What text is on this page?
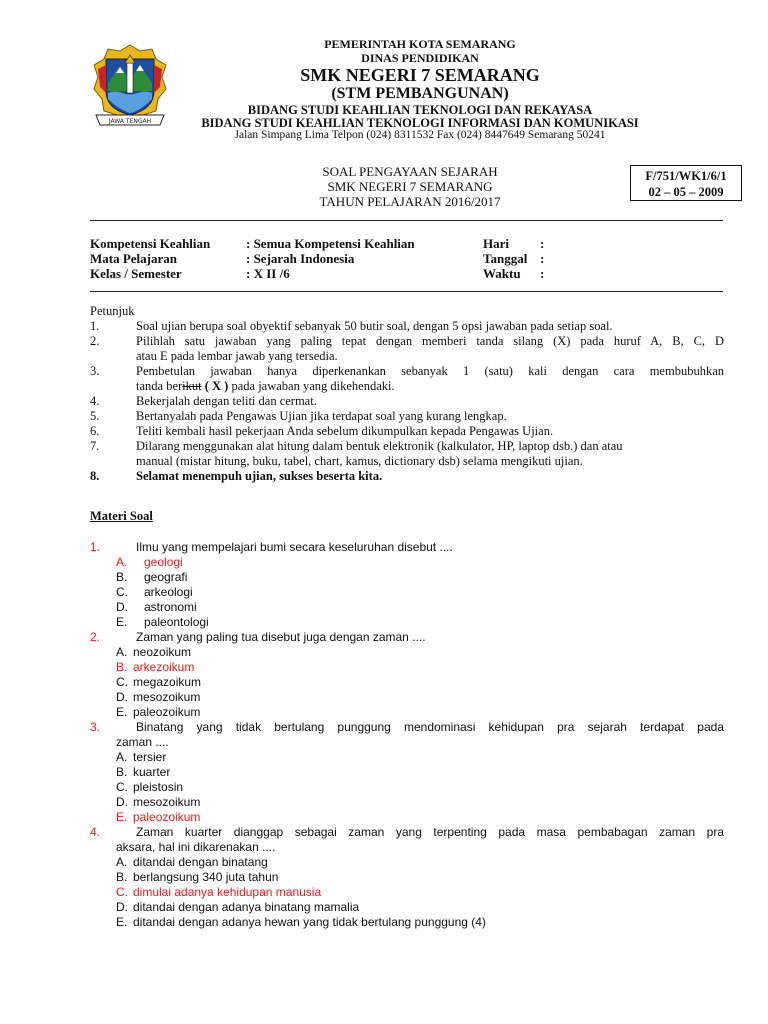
JAWA TENGAH
PEMERINTAH KOTA SEMARANG
DINAS PENDIDIKAN
SMK NEGERI 7 SEMARANG
(STM PEMBANGUNAN)
BIDANG STUDI KEAHLIAN TEKNOLOGI DAN REKAYASA
BIDANG STUDI KEAHLIAN TEKNOLOGI INFORMASI DAN KOMUNIKASI
Jalan Simpang Lima Telpon (024) 8311532 Fax (024) 8447649 Semarang 50241
SOAL PENGAYAAN SEJARAH
SMK NEGERI 7 SEMARANG
TAHUN PELAJARAN 2016/2017
F/751/WK1/6/1
02 – 05 – 2009
Kompetensi Keahlian	: Semua Kompetensi Keahlian	Hari :
Mata Pelajaran	: Sejarah Indonesia	Tanggal :
Kelas / Semester	: X II /6	Waktu :
Petunjuk
1.	Soal ujian berupa soal obyektif sebanyak 50 butir soal, dengan 5 opsi jawaban pada setiap soal.
2.	Pilihlah satu jawaban yang paling tepat dengan memberi tanda silang (X) pada huruf A, B, C, D
atau E pada lembar jawab yang tersedia.
3.	Pembetulan jawaban hanya diperkenankan sebanyak 1 (satu) kali dengan cara membubuhkan
tanda berikut ( X ) pada jawaban yang dikehendaki.
4.	Bekerjalah dengan teliti dan cermat.
5.	Bertanyalah pada Pengawas Ujian jika terdapat soal yang kurang lengkap.
6.	Teliti kembali hasil pekerjaan Anda sebelum dikumpulkan kepada Pengawas Ujian.
7.	Dilarang menggunakan alat hitung dalam bentuk elektronik (kalkulator, HP, laptop dsb.) dan atau
manual (mistar hitung, buku, tabel, chart, kamus, dictionary dsb) selama mengikuti ujian.
8.	Selamat menempuh ujian, sukses beserta kita.
Materi Soal
1.	Ilmu yang mempelajari bumi secara keseluruhan disebut ....
A. geologi
B. geografi
C. arkeologi
D. astronomi
E. paleontologi
2.	Zaman yang paling tua disebut juga dengan zaman ....
A. neozoikum
B. arkezoikum
C. megazoikum
D. mesozoikum
E. paleozoikum
3.	Binatang yang tidak bertulang punggung mendominasi kehidupan pra sejarah terdapat pada
zaman ....
A. tersier
B. kuarter
C. pleistosin
D. mesozoikum
E. paleozoikum
4.	Zaman kuarter dianggap sebagai zaman yang terpenting pada masa pembabagan zaman pra
aksara, hal ini dikarenakan ....
A. ditandai dengan binatang
B. berlangsung 340 juta tahun
C. dimulai adanya kehidupan manusia
D. ditandai dengan adanya binatang mamalia
E. ditandai dengan adanya hewan yang tidak bertulang punggung (4)
